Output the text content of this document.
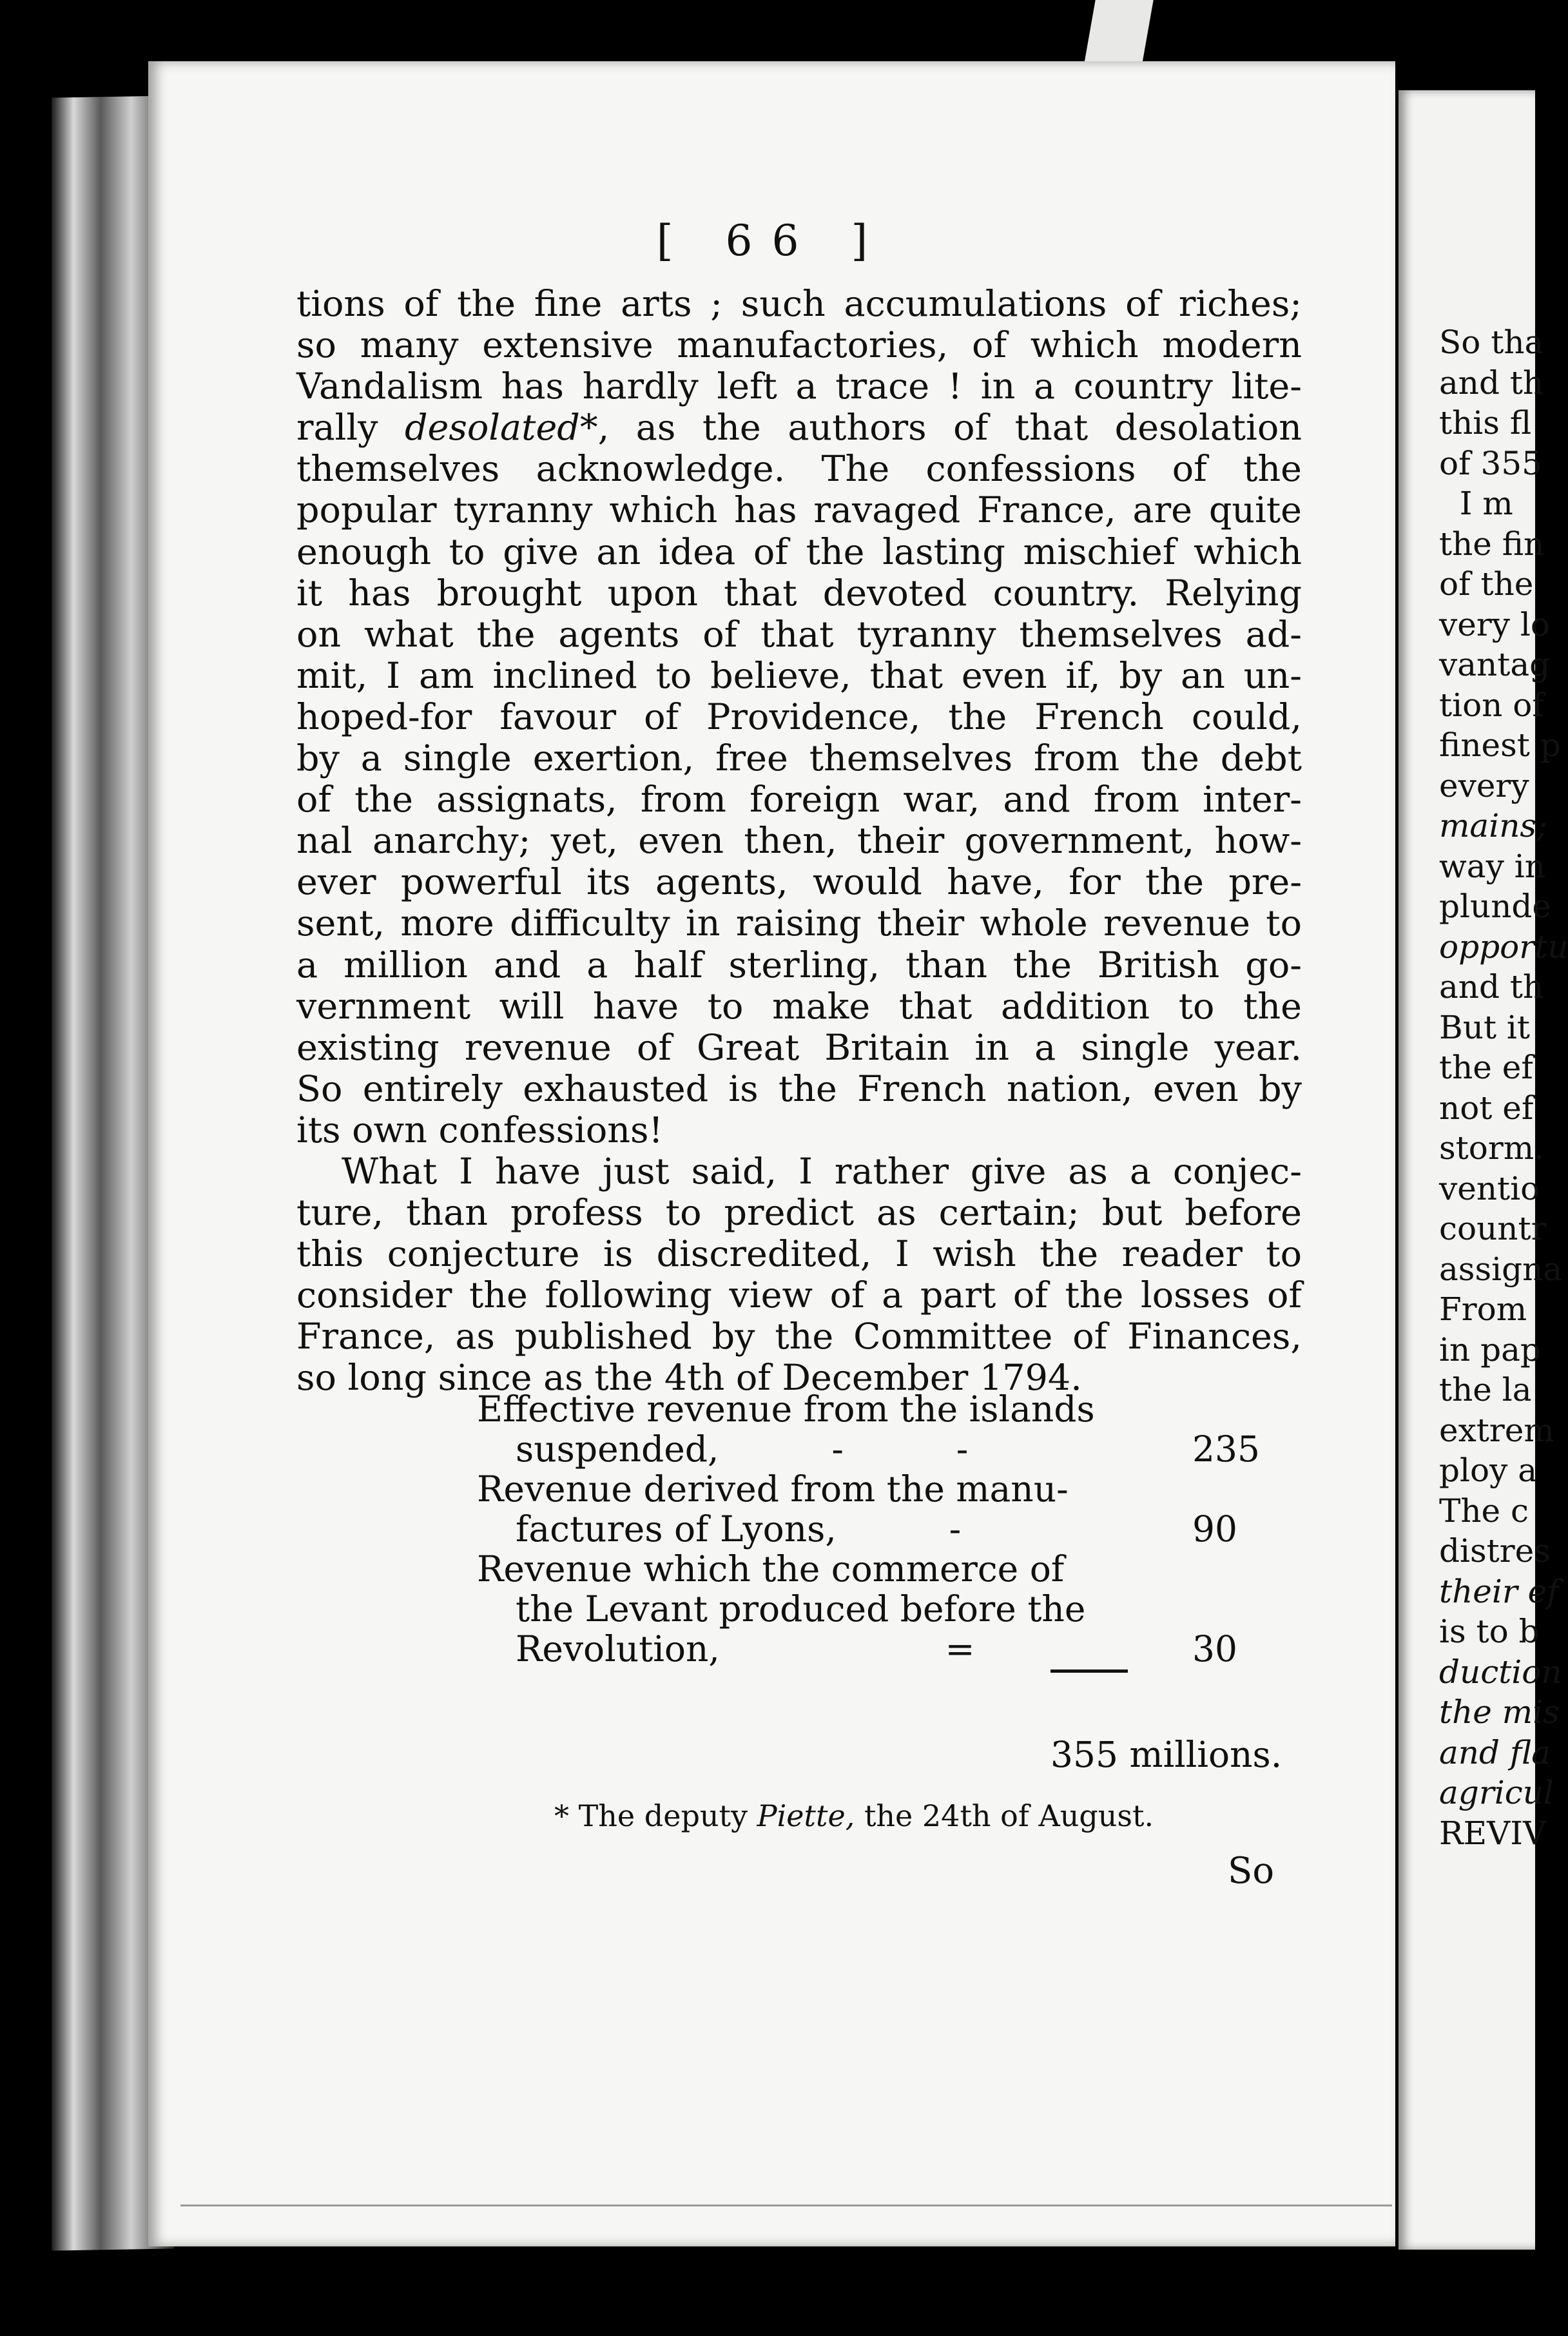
[ 66 ]
So tha
and th
this fl
of 355
I m
the fin
of the
very lo
vantag
tion of
finest p
every
mains;
way in
plunde
opportu
and th
But it
the ef
not ef
storm.
ventio
countr
assigna
From
in pap
the la
extrem
ploy a
The c
distres
their ef
is to b
duction
the mis
and fla
agricul
REVIV
tions of the fine arts ; such accumulations of riches;
so many extensive manufactories, of which modern
Vandalism has hardly left a trace ! in a country lite-
rally desolated*, as the authors of that desolation
themselves acknowledge. The confessions of the
popular tyranny which has ravaged France, are quite
enough to give an idea of the lasting mischief which
it has brought upon that devoted country. Relying
on what the agents of that tyranny themselves ad-
mit, I am inclined to believe, that even if, by an un-
hoped-for favour of Providence, the French could,
by a single exertion, free themselves from the debt
of the assignats, from foreign war, and from inter-
nal anarchy; yet, even then, their government, how-
ever powerful its agents, would have, for the pre-
sent, more difficulty in raising their whole revenue to
a million and a half sterling, than the British go-
vernment will have to make that addition to the
existing revenue of Great Britain in a single year.
So entirely exhausted is the French nation, even by
its own confessions!
What I have just said, I rather give as a conjec-
ture, than profess to predict as certain; but before
this conjecture is discredited, I wish the reader to
consider the following view of a part of the losses of
France, as published by the Committee of Finances,
so long since as the 4th of December 1794.
Effective revenue from the islands
suspended,          -          -	235
Revenue derived from the manu-
factures of Lyons,          -	90
Revenue which the commerce of
the Levant produced before the
Revolution,                    =	30
355 millions.
* The deputy Piette, the 24th of August.
So
